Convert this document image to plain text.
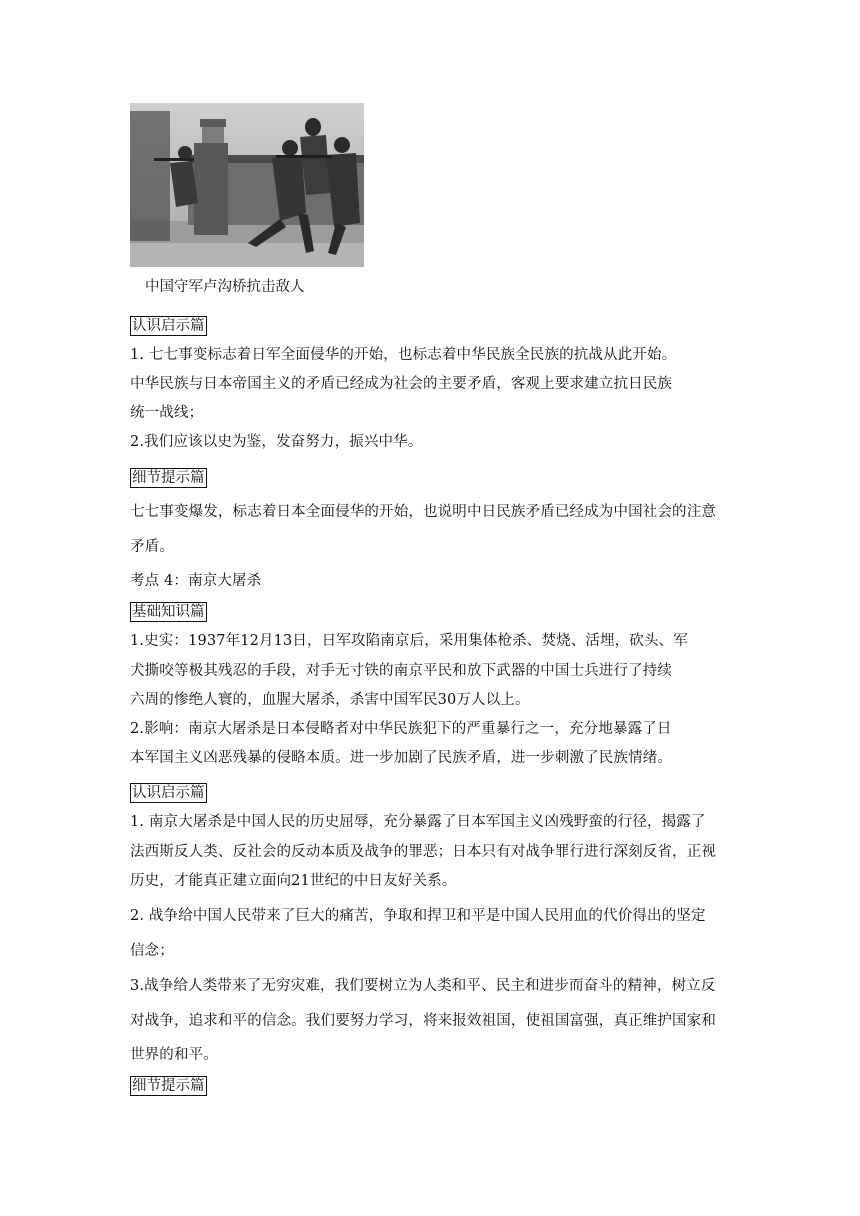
中国守军卢沟桥抗击敌人
认识启示篇
1. 七七事变标志着日军全面侵华的开始，也标志着中华民族全民族的抗战从此开始。
中华民族与日本帝国主义的矛盾已经成为社会的主要矛盾，客观上要求建立抗日民族
统一战线；
2.我们应该以史为鉴，发奋努力，振兴中华。
细节提示篇
七七事变爆发，标志着日本全面侵华的开始，也说明中日民族矛盾已经成为中国社会的注意
矛盾。
考点 4：南京大屠杀
基础知识篇
1.史实：1937年12月13日，日军攻陷南京后，采用集体枪杀、焚烧、活埋，砍头、军
犬撕咬等极其残忍的手段，对手无寸铁的南京平民和放下武器的中国士兵进行了持续
六周的惨绝人寰的，血腥大屠杀，杀害中国军民30万人以上。
2.影响：南京大屠杀是日本侵略者对中华民族犯下的严重暴行之一，充分地暴露了日
本军国主义凶恶残暴的侵略本质。进一步加剧了民族矛盾，进一步刺激了民族情绪。
认识启示篇
1. 南京大屠杀是中国人民的历史屈辱，充分暴露了日本军国主义凶残野蛮的行径，揭露了
法西斯反人类、反社会的反动本质及战争的罪恶；日本只有对战争罪行进行深刻反省，正视
历史，才能真正建立面向21世纪的中日友好关系。
2. 战争给中国人民带来了巨大的痛苦，争取和捍卫和平是中国人民用血的代价得出的坚定
信念；
3.战争给人类带来了无穷灾难，我们要树立为人类和平、民主和进步而奋斗的精神，树立反
对战争，追求和平的信念。我们要努力学习，将来报效祖国，使祖国富强，真正维护国家和
世界的和平。
细节提示篇
